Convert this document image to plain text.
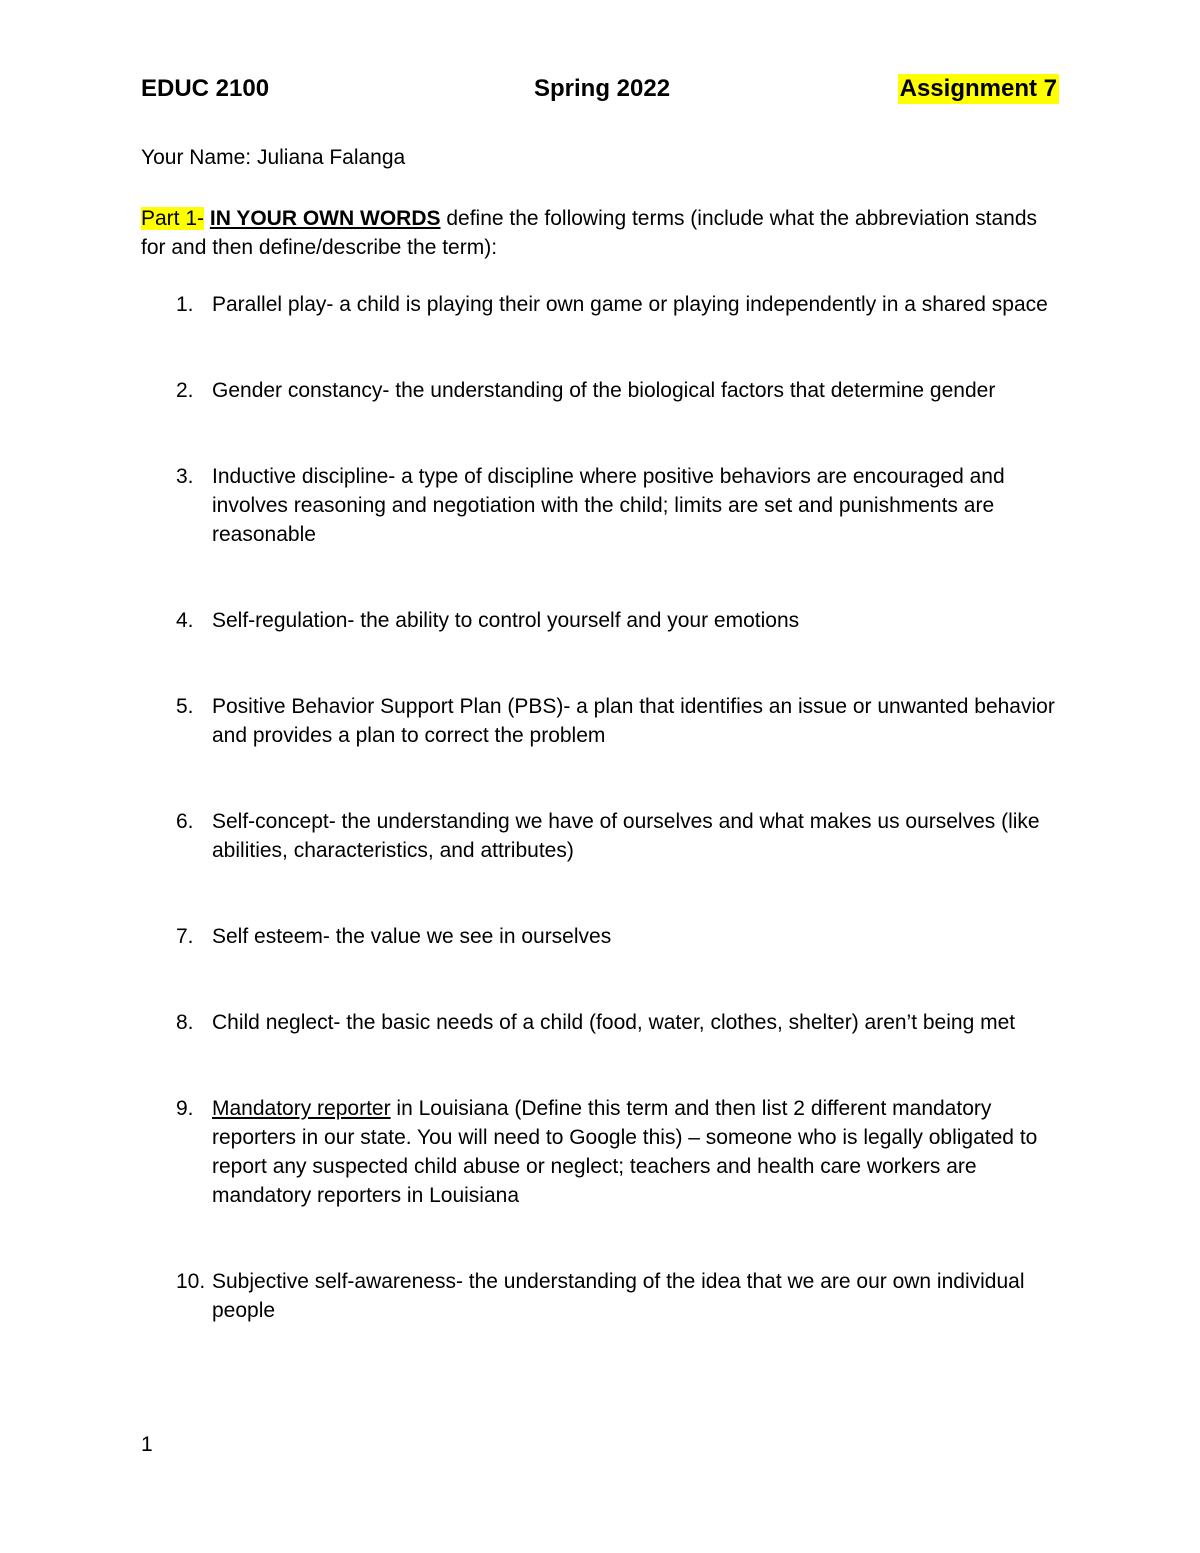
EDUC 2100	Spring 2022	Assignment 7
Your Name: Juliana Falanga
Part 1- IN YOUR OWN WORDS define the following terms (include what the abbreviation stands for and then define/describe the term):
1. Parallel play- a child is playing their own game or playing independently in a shared space
2. Gender constancy- the understanding of the biological factors that determine gender
3. Inductive discipline- a type of discipline where positive behaviors are encouraged and involves reasoning and negotiation with the child; limits are set and punishments are reasonable
4. Self-regulation- the ability to control yourself and your emotions
5. Positive Behavior Support Plan (PBS)- a plan that identifies an issue or unwanted behavior and provides a plan to correct the problem
6. Self-concept- the understanding we have of ourselves and what makes us ourselves (like abilities, characteristics, and attributes)
7. Self esteem- the value we see in ourselves
8. Child neglect- the basic needs of a child (food, water, clothes, shelter) aren’t being met
9. Mandatory reporter in Louisiana (Define this term and then list 2 different mandatory reporters in our state. You will need to Google this) – someone who is legally obligated to report any suspected child abuse or neglect; teachers and health care workers are mandatory reporters in Louisiana
10. Subjective self-awareness- the understanding of the idea that we are our own individual people
1
